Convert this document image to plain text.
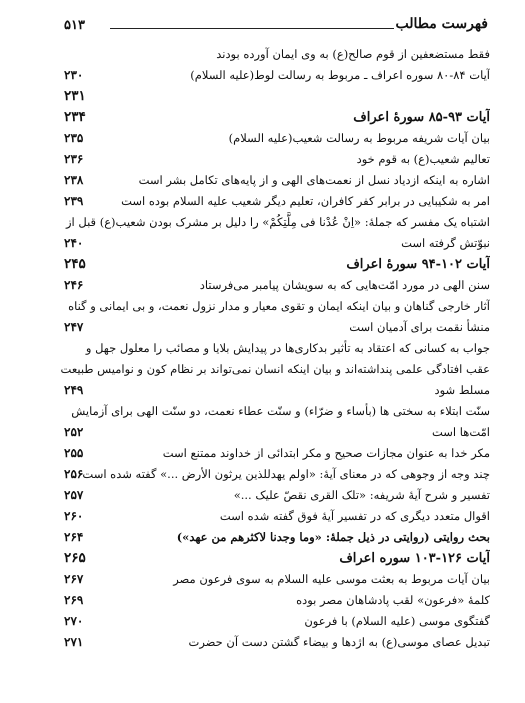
۵۱۳	فهرست مطالب
فقط مستضعفین از قوم صالح(ع) به وی ایمان آورده بودند
۲۳۰	آیات ۸۴-۸۰ سوره اعراف ـ مربوط به رسالت لوط(علیه السلام)
۲۳۱
۲۳۴	آیات ۹۳-۸۵ سورهٔ اعراف
۲۳۵	بیان آیات شریفه مربوط به رسالت شعیب(علیه السلام)
۲۳۶	تعالیم شعیب(ع) به قوم خود
۲۳۸	اشاره به اینکه ازدیاد نسل از نعمت‌های الهی و از پایه‌های تکامل بشر است
۲۳۹	امر به شکیبایی در برابر کفر کافران، تعلیم دیگر شعیب علیه السلام بوده است
اشتباه یک مفسر که جملهٔ: «اِنْ عُدْنا فی مِلَّتِکُمْ» را دلیل بر مشرک بودن شعیب(ع) قبل از
۲۴۰	نبوّتش گرفته است
۲۴۵	آیات ۱۰۲-۹۴ سورهٔ اعراف
۲۴۶	سنن الهی در مورد امّت‌هایی که به سویشان پیامبر می‌فرستاد
آثار خارجی گناهان و بیان اینکه ایمان و تقوی معیار و مدار نزول نعمت، و بی ایمانی و گناه
۲۴۷	منشأ نقمت برای آدمیان است
جواب به کسانی که اعتقاد به تأثیر بدکاری‌ها در پیدایش بلایا و مصائب را معلول جهل و
عقب افتادگی علمی پنداشته‌اند و بیان اینکه انسان نمی‌تواند بر نظام کون و نوامیس طبیعت
۲۴۹	مسلط شود
سنّت ابتلاء به سختی ها (بأساء و ضرّاء) و سنّت عطاء نعمت، دو سنّت الهی برای آزمایش
۲۵۲	امّت‌ها است
۲۵۵	مکر خدا به عنوان مجازات صحیح و مکر ابتدائی از خداوند ممتنع است
۲۵۶ چند وجه از وجوهی که در معنای آیهٔ: «اولم یهدللذین یرثون الأرض ...» گفته شده است
۲۵۷	تفسیر و شرح آیهٔ شریفه: «تلک القری نقصّ علیک ...»
۲۶۰	اقوال متعدد دیگری که در تفسیر آیهٔ فوق گفته شده است
۲۶۴	بحث روایتی (روایتی در ذیل جملهٔ: «وما وجدنا لاکثرهم من عهد»)
۲۶۵	آیات ۱۲۶-۱۰۳ سوره اعراف
۲۶۷	بیان آیات مربوط به بعثت موسی علیه السلام به سوی فرعون مصر
۲۶۹	کلمهٔ «فرعون» لقب پادشاهان مصر بوده
۲۷۰	گفتگوی موسی (علیه السلام) با فرعون
۲۷۱	تبدیل عصای موسی(ع) به اژدها و بیضاء گشتن دست آن حضرت
